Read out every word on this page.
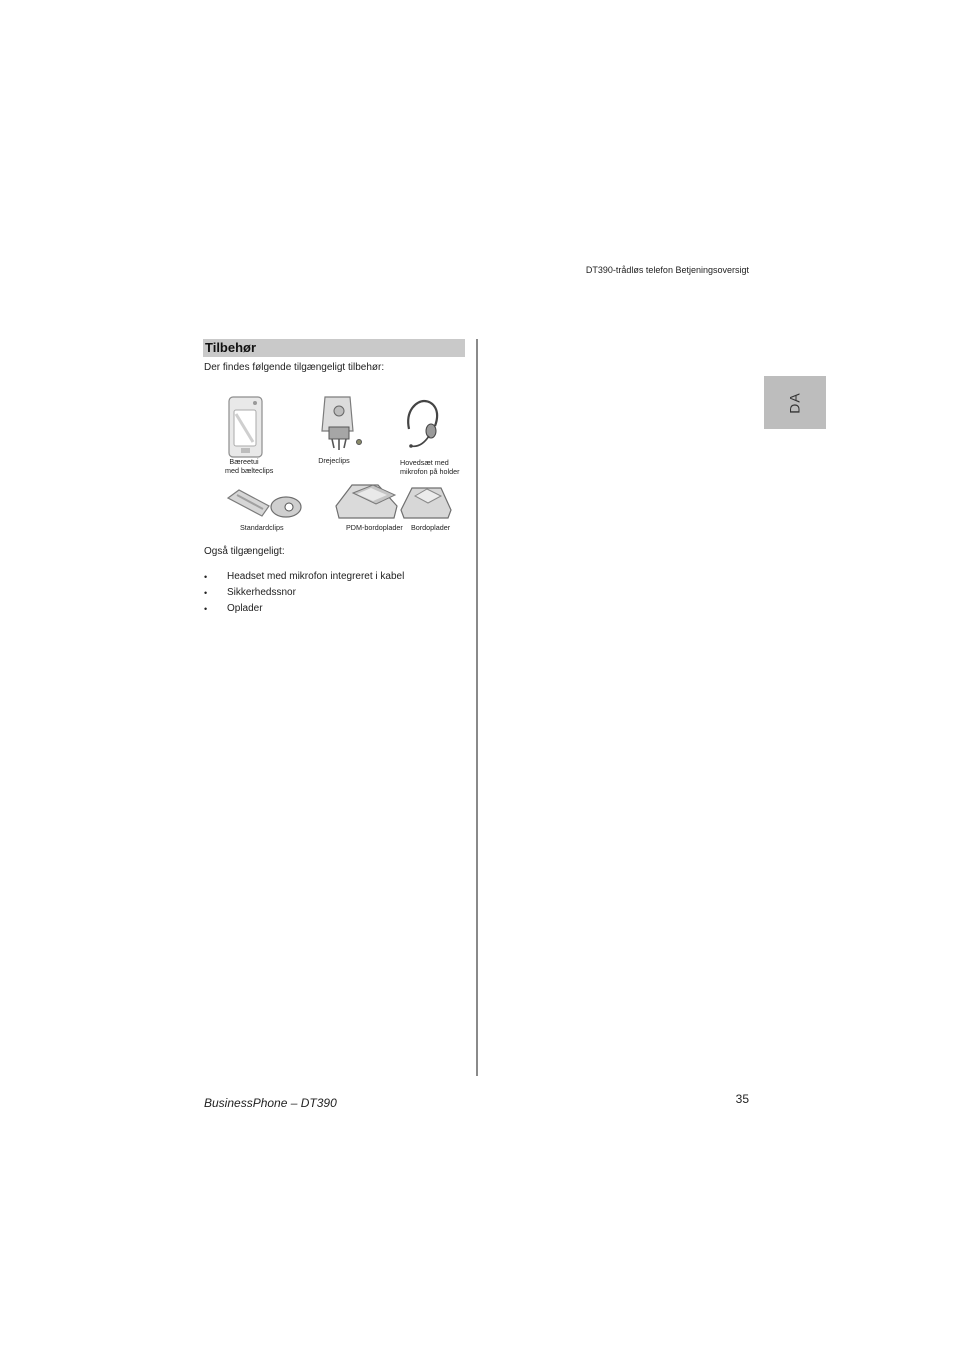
DT390-trådløs telefon Betjeningsoversigt
DA
Tilbehør
Der findes følgende tilgængeligt tilbehør:
Bæreetui
med bælteclips
Drejeclips	Hovedsæt med
mikrofon på holder
Standardclips	PDM-bordoplader Bordoplader
Også tilgængeligt:
• Headset med mikrofon integreret i kabel
• Sikkerhedssnor
• Oplader
BusinessPhone – DT390	35
